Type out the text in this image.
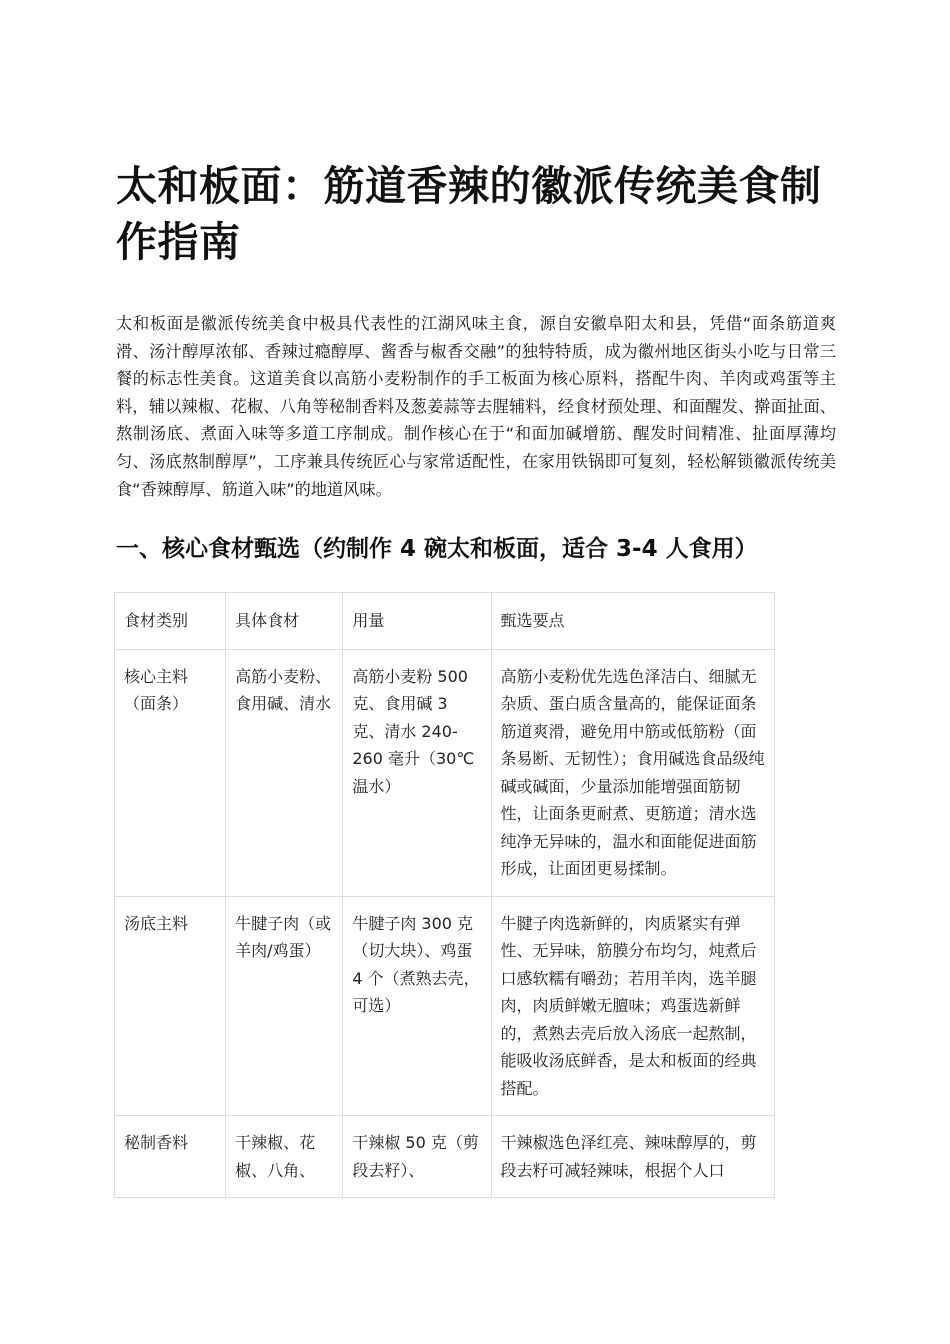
太和板面：筋道香辣的徽派传统美食制作指南

太和板面是徽派传统美食中极具代表性的江湖风味主食，源自安徽阜阳太和县，凭借“面条筋道爽滑、汤汁醇厚浓郁、香辣过瘾醇厚、酱香与椒香交融”的独特特质，成为徽州地区街头小吃与日常三餐的标志性美食。这道美食以高筋小麦粉制作的手工板面为核心原料，搭配牛肉、羊肉或鸡蛋等主料，辅以辣椒、花椒、八角等秘制香料及葱姜蒜等去腥辅料，经食材预处理、和面醒发、擀面扯面、熬制汤底、煮面入味等多道工序制成。制作核心在于“和面加碱增筋、醒发时间精准、扯面厚薄均匀、汤底熬制醇厚”，工序兼具传统匠心与家常适配性，在家用铁锅即可复刻，轻松解锁徽派传统美食“香辣醇厚、筋道入味”的地道风味。

一、核心食材甄选（约制作 4 碗太和板面，适合 3-4 人食用）
食材类别	具体食材	用量	甄选要点
核心主料（面条）	高筋小麦粉、食用碱、清水	高筋小麦粉 500 克、食用碱 3 克、清水 240-260 毫升（30℃温水）	高筋小麦粉优先选色泽洁白、细腻无杂质、蛋白质含量高的，能保证面条筋道爽滑，避免用中筋或低筋粉（面条易断、无韧性）；食用碱选食品级纯碱或碱面，少量添加能增强面筋韧性，让面条更耐煮、更筋道；清水选纯净无异味的，温水和面能促进面筋形成，让面团更易揉制。
汤底主料	牛腱子肉（或羊肉/鸡蛋）	牛腱子肉 300 克（切大块）、鸡蛋 4 个（煮熟去壳，可选）	牛腱子肉选新鲜的，肉质紧实有弹性、无异味，筋膜分布均匀，炖煮后口感软糯有嚼劲；若用羊肉，选羊腿肉，肉质鲜嫩无膻味；鸡蛋选新鲜的，煮熟去壳后放入汤底一起熬制，能吸收汤底鲜香，是太和板面的经典搭配。
秘制香料	干辣椒、花椒、八角、	干辣椒 50 克（剪段去籽）、	干辣椒选色泽红亮、辣味醇厚的，剪段去籽可减轻辣味，根据个人口
